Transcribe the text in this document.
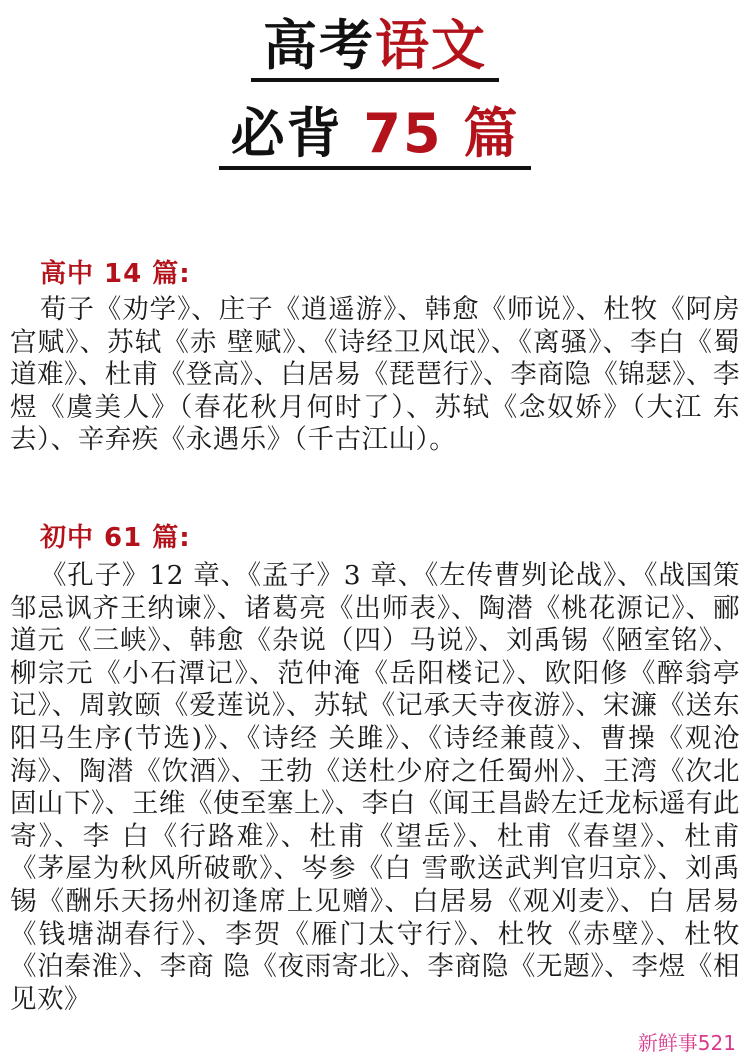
高考语文
必背 75 篇
高中 14 篇:
荀子《劝学》、庄子《逍遥游》、韩愈《师说》、杜牧《阿房宫赋》、苏轼《赤 壁赋》、《诗经卫风氓》、《离骚》、李白《蜀道难》、杜甫《登高》、白居易《琵琶行》、李商隐《锦瑟》、李煜《虞美人》（春花秋月何时了）、苏轼《念奴娇》（大江 东去）、辛弃疾《永遇乐》（千古江山）。
初中 61 篇:
《孔子》12 章、《孟子》3 章、《左传曹刿论战》、《战国策邹忌讽齐王纳谏》、诸葛亮《出师表》、陶潜《桃花源记》、郦道元《三峡》、韩愈《杂说（四）马说》、刘禹锡《陋室铭》、柳宗元《小石潭记》、范仲淹《岳阳楼记》、欧阳修《醉翁亭记》、周敦颐《爱莲说》、苏轼《记承天寺夜游》、宋濂《送东阳马生序(节选)》、《诗经 关雎》、《诗经兼葭》、曹操《观沧海》、陶潜《饮酒》、王勃《送杜少府之任蜀州》、王湾《次北固山下》、王维《使至塞上》、李白《闻王昌龄左迁龙标遥有此寄》、李 白《行路难》、杜甫《望岳》、杜甫《春望》、杜甫《茅屋为秋风所破歌》、岑参《白 雪歌送武判官归京》、刘禹锡《酬乐天扬州初逢席上见赠》、白居易《观刈麦》、白 居易《钱塘湖春行》、李贺《雁门太守行》、杜牧《赤壁》、杜牧《泊秦淮》、李商 隐《夜雨寄北》、李商隐《无题》、李煜《相见欢》
新鲜事521
